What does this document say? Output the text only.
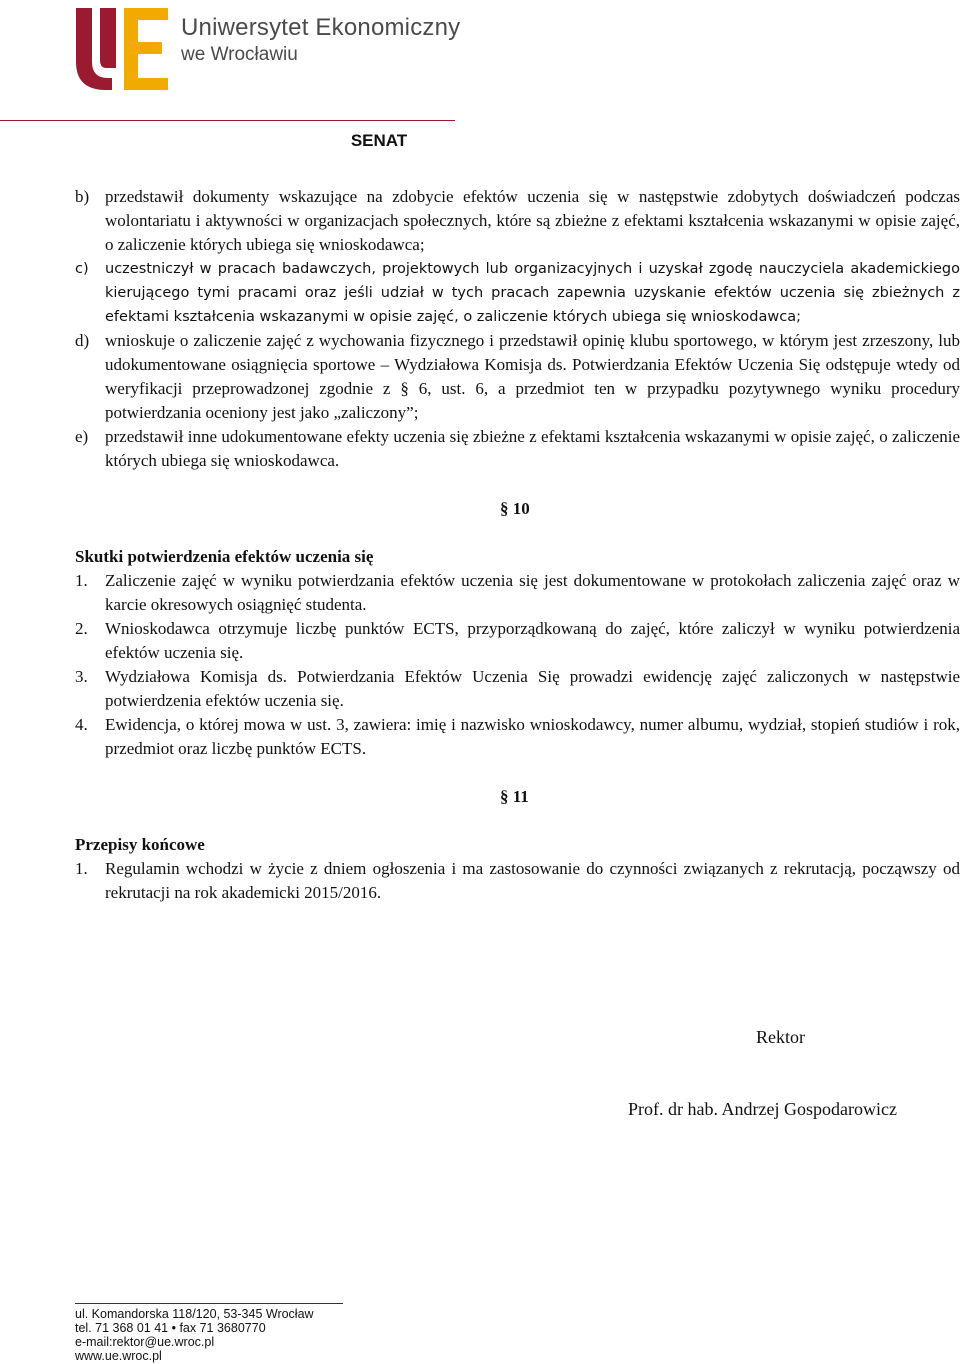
Uniwersytet Ekonomiczny

we Wrocławiu

SENAT

b) przedstawił dokumenty wskazujące na zdobycie efektów uczenia się w następstwie zdobytych doświadczeń podczas wolontariatu i aktywności w organizacjach społecznych, które są zbieżne z efektami kształcenia wskazanymi w opisie zajęć, o zaliczenie których ubiega się wnioskodawca;
c)	uczestniczył w pracach badawczych, projektowych lub organizacyjnych i uzyskał zgodę nauczyciela akademickiego kierującego tymi pracami oraz jeśli udział w tych pracach zapewnia uzyskanie efektów uczenia się zbieżnych z efektami kształcenia wskazanymi w opisie zajęć, o zaliczenie których ubiega się wnioskodawca;
d) wnioskuje o zaliczenie zajęć z wychowania fizycznego i przedstawił opinię klubu sportowego, w którym jest zrzeszony, lub udokumentowane osiągnięcia sportowe – Wydziałowa Komisja ds. Potwierdzania Efektów Uczenia Się odstępuje wtedy od weryfikacji przeprowadzonej zgodnie z § 6, ust. 6, a przedmiot ten w przypadku pozytywnego wyniku procedury potwierdzania oceniony jest jako „zaliczony”;
e) przedstawił inne udokumentowane efekty uczenia się zbieżne z efektami kształcenia wskazanymi w opisie zajęć, o zaliczenie których ubiega się wnioskodawca.

§ 10

Skutki potwierdzenia efektów uczenia się

1.	Zaliczenie zajęć w wyniku potwierdzania efektów uczenia się jest dokumentowane w protokołach zaliczenia zajęć oraz w karcie okresowych osiągnięć studenta.
2.	Wnioskodawca otrzymuje liczbę punktów ECTS, przyporządkowaną do zajęć, które zaliczył w wyniku potwierdzenia efektów uczenia się.
3.	Wydziałowa Komisja ds. Potwierdzania Efektów Uczenia Się prowadzi ewidencję zajęć zaliczonych w następstwie potwierdzenia efektów uczenia się.
4.	Ewidencja, o której mowa w ust. 3, zawiera: imię i nazwisko wnioskodawcy, numer albumu, wydział, stopień studiów i rok, przedmiot oraz liczbę punktów ECTS.

§ 11

Przepisy końcowe

1.	Regulamin wchodzi w życie z dniem ogłoszenia i ma zastosowanie do czynności związanych z rekrutacją, począwszy od rekrutacji na rok akademicki 2015/2016.

Rektor

Prof. dr hab. Andrzej Gospodarowicz

ul. Komandorska 118/120, 53-345 Wrocław

tel. 71 368 01 41 • fax 71 3680770

e-mail:rektor@ue.wroc.pl

www.ue.wroc.pl
